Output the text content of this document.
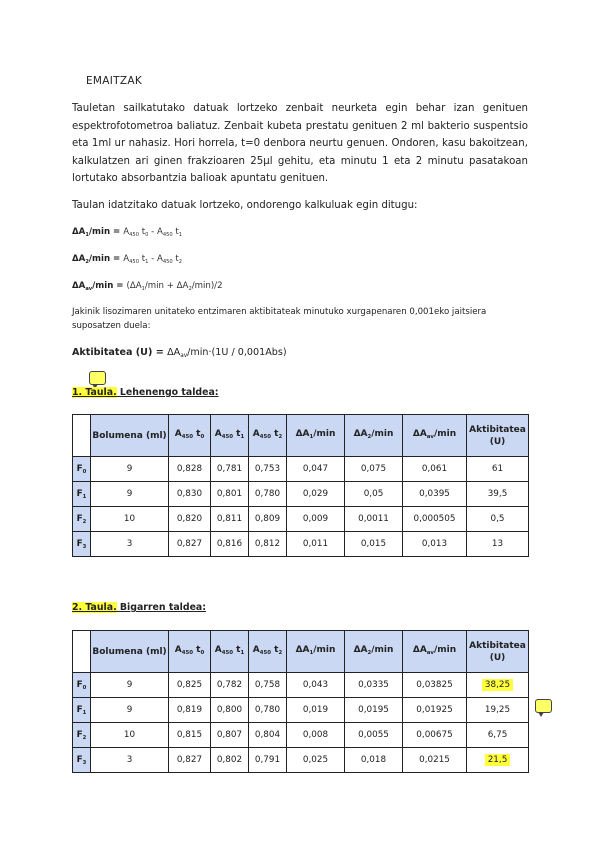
EMAITZAK
Tauletan sailkatutako datuak lortzeko zenbait neurketa egin behar izan genituen espektrofotometroa baliatuz. Zenbait kubeta prestatu genituen 2 ml bakterio suspentsio eta 1ml ur nahasiz. Hori horrela, t=0 denbora neurtu genuen. Ondoren, kasu bakoitzean, kalkulatzen ari ginen frakzioaren 25µl gehitu, eta minutu 1 eta 2 minutu pasatakoan lortutako absorbantzia balioak apuntatu genituen.
Taulan idatzitako datuak lortzeko, ondorengo kalkuluak egin ditugu:
$\Delta A_1/\min = A_{450}$ $t_0 - A_{450}$ $t_1$
$\Delta A_2/\min = A_{450}$ $t_1 - A_{450}$ $t_2$
$\Delta A_{av}/\min = (\Delta A_1/\min + \Delta A_2/\min)/2$
Jakinik lisozimaren unitateko entzimaren aktibitateak minutuko xurgapenaren 0,001eko jaitsiera suposatzen duela:
Aktibitatea $(U) = \Delta A_{av}/\min\cdot(1U / 0,001Abs)$
1. Taula. Lehenengo taldea:
	Bolumena (ml)	$A_{450}$ $t_0$	$A_{450}$ $t_1$	$A_{450}$ $t_2$	$\Delta A_1/\min$	$\Delta A_2/\min$	$\Delta A_{av}/\min$	Aktibitatea (U)
$F_0$	9	0,828	0,781	0,753	0,047	0,075	0,061	61
$F_1$	9	0,830	0,801	0,780	0,029	0,05	0,0395	39,5
$F_2$	10	0,820	0,811	0,809	0,009	0,0011	0,000505	0,5
$F_3$	3	0,827	0,816	0,812	0,011	0,015	0,013	13
2. Taula. Bigarren taldea:
	Bolumena (ml)	$A_{450}$ $t_0$	$A_{450}$ $t_1$	$A_{450}$ $t_2$	$\Delta A_1/\min$	$\Delta A_2/\min$	$\Delta A_{av}/\min$	Aktibitatea (U)
$F_0$	9	0,825	0,782	0,758	0,043	0,0335	0,03825	38,25
$F_1$	9	0,819	0,800	0,780	0,019	0,0195	0,01925	19,25
$F_2$	10	0,815	0,807	0,804	0,008	0,0055	0,00675	6,75
$F_3$	3	0,827	0,802	0,791	0,025	0,018	0,0215	21,5
